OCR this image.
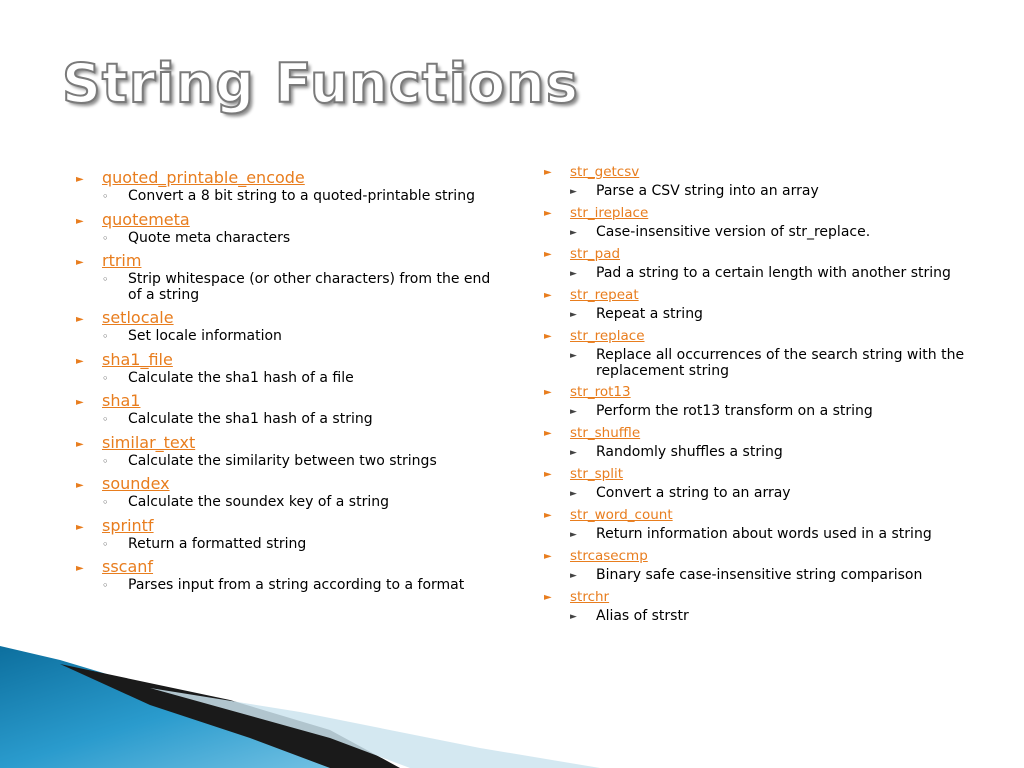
String Functions
►	quoted_printable_encode
◦	Convert a 8 bit string to a quoted-printable string
►	quotemeta
◦	Quote meta characters
►	rtrim
◦	Strip whitespace (or other characters) from the end of a string
►	setlocale
◦	Set locale information
►	sha1_file
◦	Calculate the sha1 hash of a file
►	sha1
◦	Calculate the sha1 hash of a string
►	similar_text
◦	Calculate the similarity between two strings
►	soundex
◦	Calculate the soundex key of a string
►	sprintf
◦	Return a formatted string
►	sscanf
◦	Parses input from a string according to a format
►	str_getcsv
►	Parse a CSV string into an array
►	str_ireplace
►	Case-insensitive version of str_replace.
►	str_pad
►	Pad a string to a certain length with another string
►	str_repeat
►	Repeat a string
►	str_replace
►	Replace all occurrences of the search string with the replacement string
►	str_rot13
►	Perform the rot13 transform on a string
►	str_shuffle
►	Randomly shuffles a string
►	str_split
►	Convert a string to an array
►	str_word_count
►	Return information about words used in a string
►	strcasecmp
►	Binary safe case-insensitive string comparison
►	strchr
►	Alias of strstr
